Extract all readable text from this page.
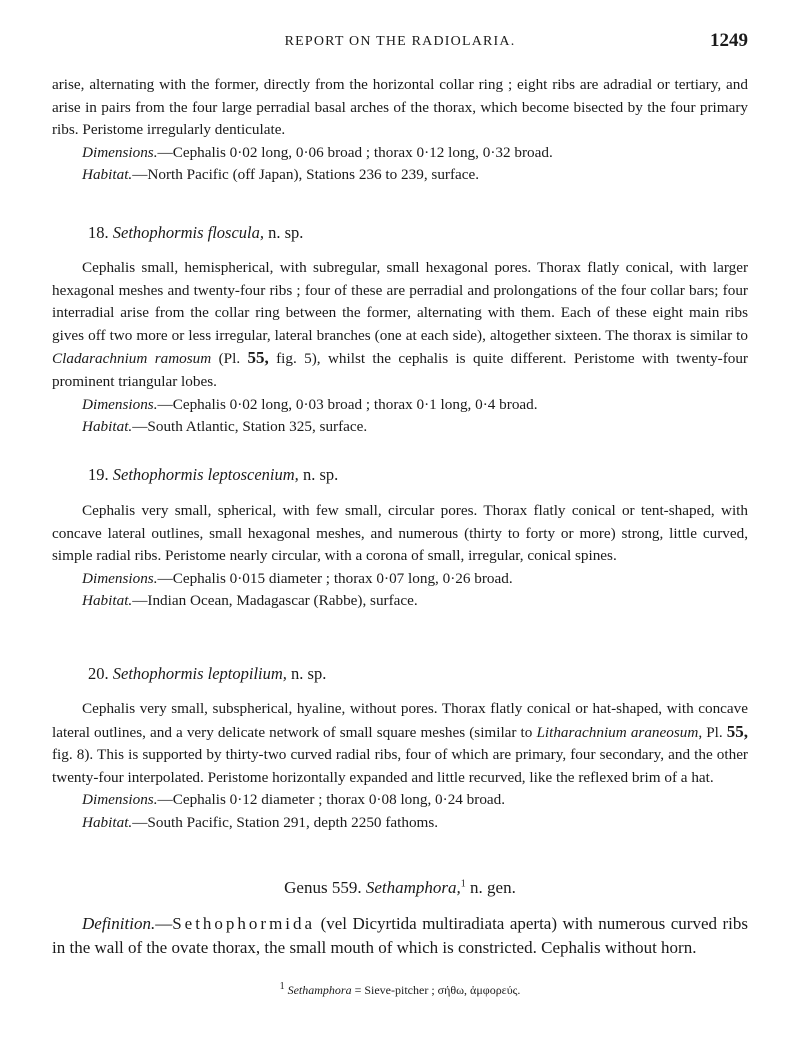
REPORT ON THE RADIOLARIA.	1249

arise, alternating with the former, directly from the horizontal collar ring ; eight ribs are adradial or tertiary, and arise in pairs from the four large perradial basal arches of the thorax, which become bisected by the four primary ribs. Peristome irregularly denticulate.

Dimensions.—Cephalis 0·02 long, 0·06 broad ; thorax 0·12 long, 0·32 broad.

Habitat.—North Pacific (off Japan), Stations 236 to 239, surface.

18. Sethophormis floscula, n. sp.

Cephalis small, hemispherical, with subregular, small hexagonal pores. Thorax flatly conical, with larger hexagonal meshes and twenty-four ribs ; four of these are perradial and prolongations of the four collar bars; four interradial arise from the collar ring between the former, alternating with them. Each of these eight main ribs gives off two more or less irregular, lateral branches (one at each side), altogether sixteen. The thorax is similar to Cladarachnium ramosum (Pl. 55, fig. 5), whilst the cephalis is quite different. Peristome with twenty-four prominent triangular lobes.

Dimensions.—Cephalis 0·02 long, 0·03 broad ; thorax 0·1 long, 0·4 broad.

Habitat.—South Atlantic, Station 325, surface.

19. Sethophormis leptoscenium, n. sp.

Cephalis very small, spherical, with few small, circular pores. Thorax flatly conical or tent-shaped, with concave lateral outlines, small hexagonal meshes, and numerous (thirty to forty or more) strong, little curved, simple radial ribs. Peristome nearly circular, with a corona of small, irregular, conical spines.

Dimensions.—Cephalis 0·015 diameter ; thorax 0·07 long, 0·26 broad.

Habitat.—Indian Ocean, Madagascar (Rabbe), surface.

20. Sethophormis leptopilium, n. sp.

Cephalis very small, subspherical, hyaline, without pores. Thorax flatly conical or hat-shaped, with concave lateral outlines, and a very delicate network of small square meshes (similar to Litharachnium araneosum, Pl. 55, fig. 8). This is supported by thirty-two curved radial ribs, four of which are primary, four secondary, and the other twenty-four interpolated. Peristome horizontally expanded and little recurved, like the reflexed brim of a hat.

Dimensions.—Cephalis 0·12 diameter ; thorax 0·08 long, 0·24 broad.

Habitat.—South Pacific, Station 291, depth 2250 fathoms.

Genus 559. Sethamphora,$^1$ n. gen.

Definition.—Sethophormida (vel Dicyrtida multiradiata aperta) with numerous curved ribs in the wall of the ovate thorax, the small mouth of which is constricted. Cephalis without horn.

$^1$ Sethamphora = Sieve-pitcher ; σήθω, ἀμφορεύς.
